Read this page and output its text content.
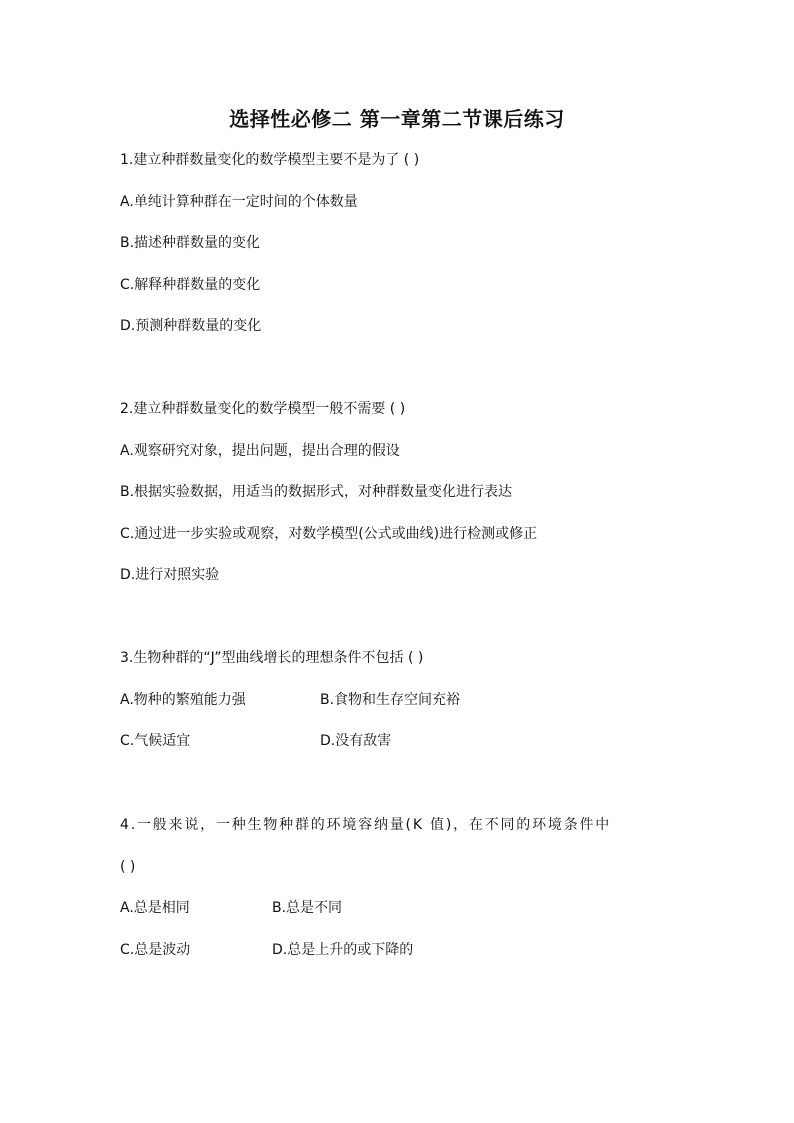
选择性必修二 第一章第二节课后练习
1.建立种群数量变化的数学模型主要不是为了 ( )
A.单纯计算种群在一定时间的个体数量
B.描述种群数量的变化
C.解释种群数量的变化
D.预测种群数量的变化
2.建立种群数量变化的数学模型一般不需要 ( )
A.观察研究对象，提出问题，提出合理的假设
B.根据实验数据，用适当的数据形式，对种群数量变化进行表达
C.通过进一步实验或观察，对数学模型(公式或曲线)进行检测或修正
D.进行对照实验
3.生物种群的“J”型曲线增长的理想条件不包括 ( )
A.物种的繁殖能力强	B.食物和生存空间充裕
C.气候适宜	D.没有敌害
4.一般来说，一种生物种群的环境容纳量(K 值)，在不同的环境条件中
( )
A.总是相同	B.总是不同
C.总是波动	D.总是上升的或下降的
